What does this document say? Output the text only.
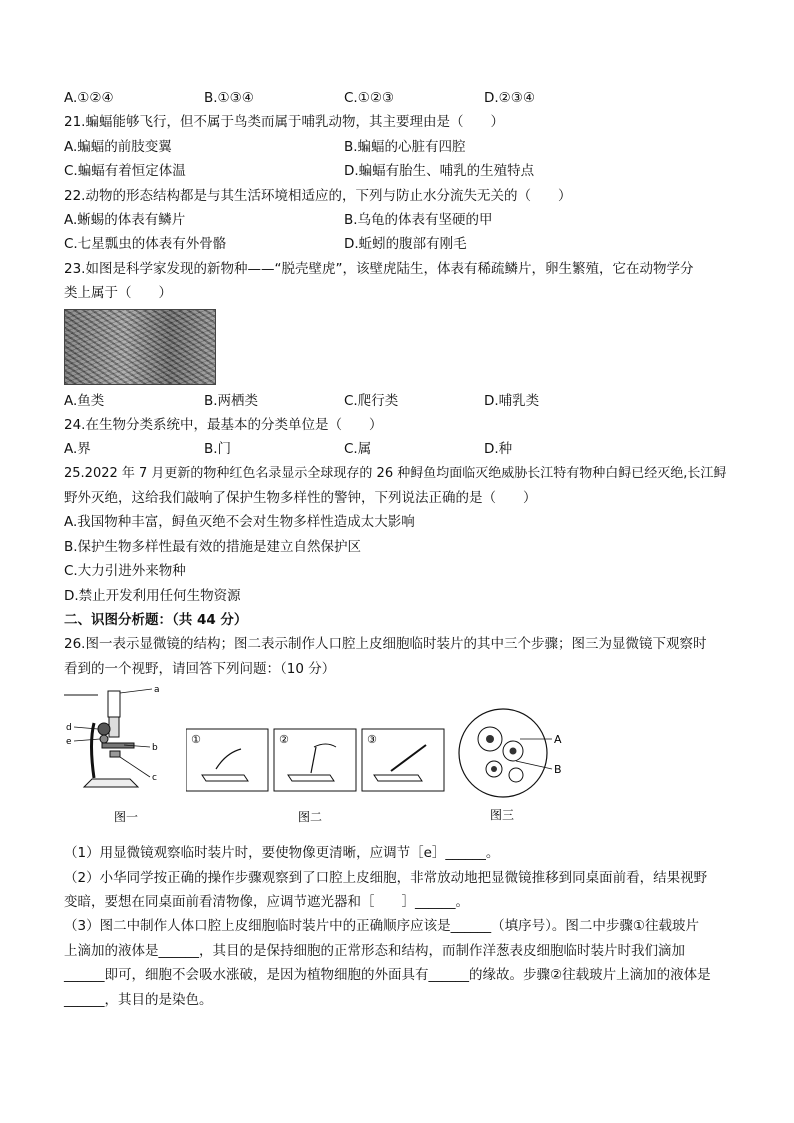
A.①②④	B.①③④	C.①②③	D.②③④
21.蝙蝠能够飞行，但不属于鸟类而属于哺乳动物，其主要理由是（　　）
A.蝙蝠的前肢变翼	B.蝙蝠的心脏有四腔
C.蝙蝠有着恒定体温	D.蝙蝠有胎生、哺乳的生殖特点
22.动物的形态结构都是与其生活环境相适应的，下列与防止水分流失无关的（　　）
A.蜥蜴的体表有鳞片	B.乌龟的体表有坚硬的甲
C.七星瓢虫的体表有外骨骼	D.蚯蚓的腹部有刚毛
23.如图是科学家发现的新物种——“脱壳壁虎”，该壁虎陆生，体表有稀疏鳞片，卵生繁殖，它在动物学分
类上属于（　　）
A.鱼类	B.两栖类	C.爬行类	D.哺乳类
24.在生物分类系统中，最基本的分类单位是（　　）
A.界	B.门	C.属	D.种
25.2022 年 7 月更新的物种红色名录显示全球现存的 26 种鲟鱼均面临灭绝威胁长江特有物种白鲟已经灭绝,长江鲟
野外灭绝，这给我们敲响了保护生物多样性的警钟，下列说法正确的是（　　）
A.我国物种丰富，鲟鱼灭绝不会对生物多样性造成太大影响
B.保护生物多样性最有效的措施是建立自然保护区
C.大力引进外来物种
D.禁止开发利用任何生物资源
二、识图分析题：（共 44 分）
26.图一表示显微镜的结构；图二表示制作人口腔上皮细胞临时装片的其中三个步骤；图三为显微镜下观察时
看到的一个视野，请回答下列问题：（10 分）
a
b
c
d
e
图一
①	②	③
图二
A
B
图三
（1）用显微镜观察临时装片时，要使物像更清晰，应调节［e］______。
（2）小华同学按正确的操作步骤观察到了口腔上皮细胞，非常放动地把显微镜推移到同桌面前看，结果视野
变暗，要想在同桌面前看清物像，应调节遮光器和［　　］______。
（3）图二中制作人体口腔上皮细胞临时装片中的正确顺序应该是______（填序号）。图二中步骤①往载玻片
上滴加的液体是______，其目的是保持细胞的正常形态和结构，而制作洋葱表皮细胞临时装片时我们滴加
______即可，细胞不会吸水涨破，是因为植物细胞的外面具有______的缘故。步骤②往载玻片上滴加的液体是
______，其目的是染色。
